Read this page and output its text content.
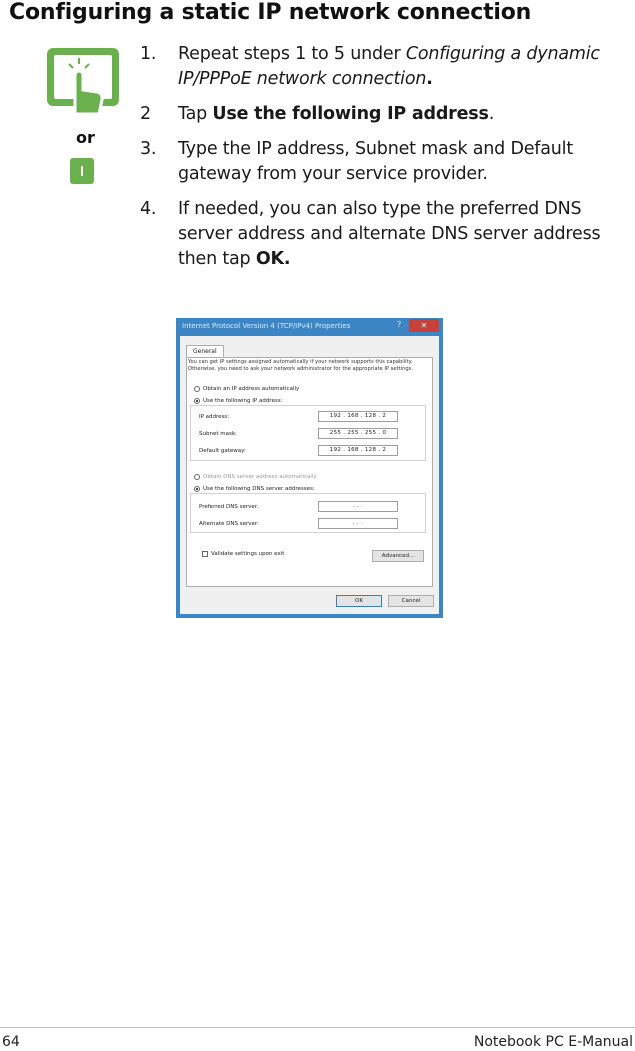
Configuring a static IP network connection
or
1. Repeat steps 1 to 5 under Configuring a dynamic IP/PPPoE network connection.
2 Tap Use the following IP address.
3. Type the IP address, Subnet mask and Default gateway from your service provider.
4. If needed, you can also type the preferred DNS server address and alternate DNS server address then tap OK.
Internet Protocol Version 4 (TCP/IPv4) Properties	?	✕
General
You can get IP settings assigned automatically if your network supports this capability. Otherwise, you need to ask your network administrator for the appropriate IP settings.
Obtain an IP address automatically
Use the following IP address:
IP address:	192 . 168 . 128 . 2
Subnet mask:	255 . 255 . 255 . 0
Default gateway:	192 . 168 . 128 . 2
Obtain DNS server address automatically
Use the following DNS server addresses:
Preferred DNS server:	. . .
Alternate DNS server:	. . .
Validate settings upon exit	Advanced...
OK	Cancel
64	Notebook PC E-Manual
